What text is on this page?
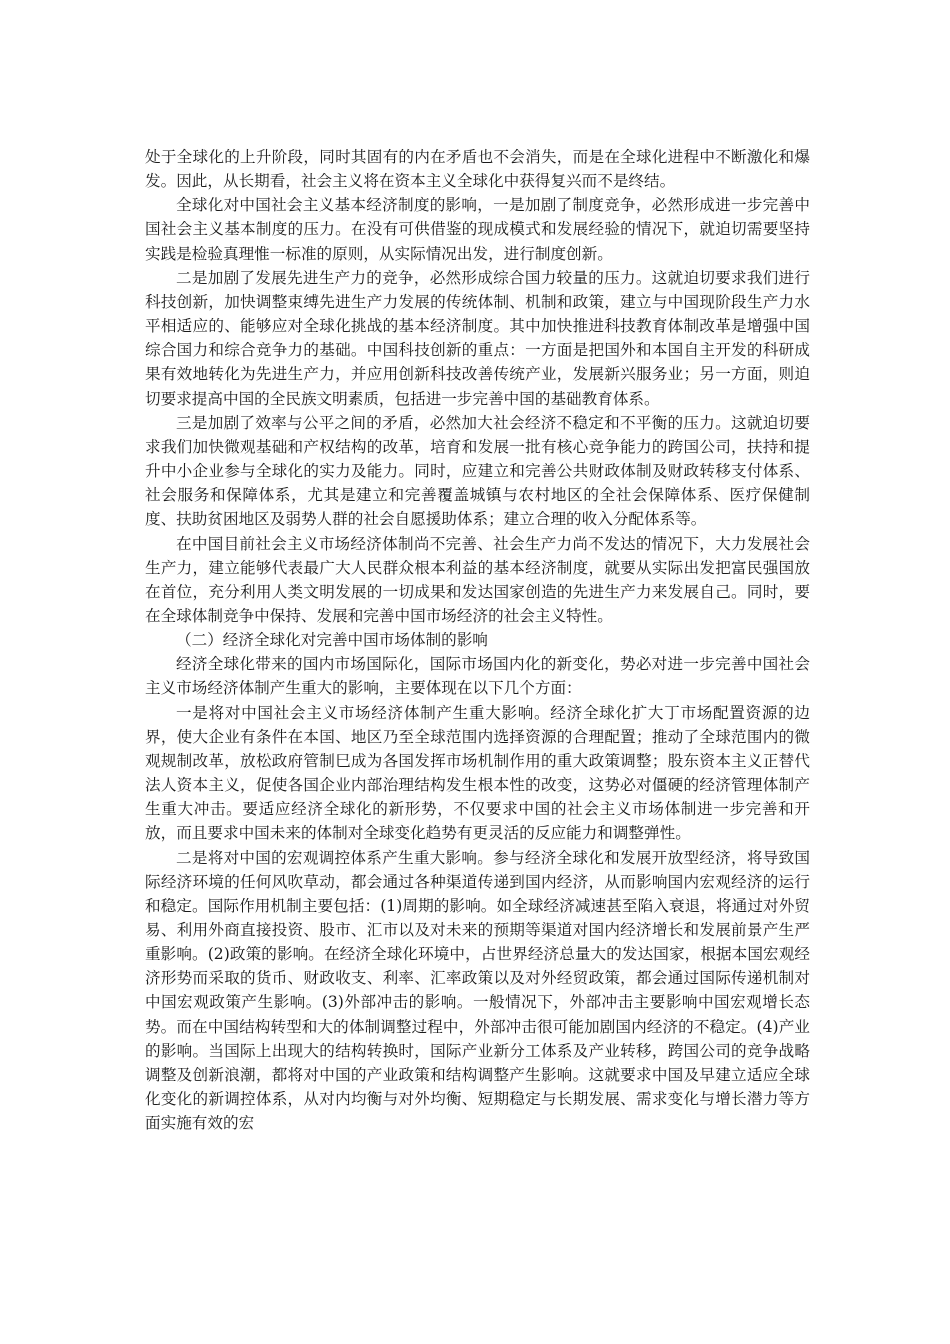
处于全球化的上升阶段，同时其固有的内在矛盾也不会消失，而是在全球化进程中不断激化和爆发。因此，从长期看，社会主义将在资本主义全球化中获得复兴而不是终结。

全球化对中国社会主义基本经济制度的影响，一是加剧了制度竞争，必然形成进一步完善中国社会主义基本制度的压力。在没有可供借鉴的现成模式和发展经验的情况下，就迫切需要坚持实践是检验真理惟一标准的原则，从实际情况出发，进行制度创新。

二是加剧了发展先进生产力的竞争，必然形成综合国力较量的压力。这就迫切要求我们进行科技创新，加快调整束缚先进生产力发展的传统体制、机制和政策，建立与中国现阶段生产力水平相适应的、能够应对全球化挑战的基本经济制度。其中加快推进科技教育体制改革是增强中国综合国力和综合竞争力的基础。中国科技创新的重点：一方面是把国外和本国自主开发的科研成果有效地转化为先进生产力，并应用创新科技改善传统产业，发展新兴服务业；另一方面，则迫切要求提高中国的全民族文明素质，包括进一步完善中国的基础教育体系。

三是加剧了效率与公平之间的矛盾，必然加大社会经济不稳定和不平衡的压力。这就迫切要求我们加快微观基础和产权结构的改革，培育和发展一批有核心竞争能力的跨国公司，扶持和提升中小企业参与全球化的实力及能力。同时，应建立和完善公共财政体制及财政转移支付体系、社会服务和保障体系，尤其是建立和完善覆盖城镇与农村地区的全社会保障体系、医疗保健制度、扶助贫困地区及弱势人群的社会自愿援助体系；建立合理的收入分配体系等。

在中国目前社会主义市场经济体制尚不完善、社会生产力尚不发达的情况下，大力发展社会生产力，建立能够代表最广大人民群众根本利益的基本经济制度，就要从实际出发把富民强国放在首位，充分利用人类文明发展的一切成果和发达国家创造的先进生产力来发展自己。同时，要在全球体制竞争中保持、发展和完善中国市场经济的社会主义特性。

（二）经济全球化对完善中国市场体制的影响

经济全球化带来的国内市场国际化，国际市场国内化的新变化，势必对进一步完善中国社会主义市场经济体制产生重大的影响，主要体现在以下几个方面：

一是将对中国社会主义市场经济体制产生重大影响。经济全球化扩大丁市场配置资源的边界，使大企业有条件在本国、地区乃至全球范围内选择资源的合理配置；推动了全球范围内的微观规制改革，放松政府管制巳成为各国发挥市场机制作用的重大政策调整；股东资本主义正替代法人资本主义，促使各国企业内部治理结构发生根本性的改变，这势必对僵硬的经济管理体制产生重大冲击。要适应经济全球化的新形势，不仅要求中国的社会主义市场体制进一步完善和开放，而且要求中国未来的体制对全球变化趋势有更灵活的反应能力和调整弹性。

二是将对中国的宏观调控体系产生重大影响。参与经济全球化和发展开放型经济，将导致国际经济环境的任何风吹草动，都会通过各种渠道传递到国内经济，从而影响国内宏观经济的运行和稳定。国际作用机制主要包括：(1)周期的影响。如全球经济减速甚至陷入衰退，将通过对外贸易、利用外商直接投资、股市、汇市以及对未来的预期等渠道对国内经济增长和发展前景产生严重影响。(2)政策的影响。在经济全球化环境中，占世界经济总量大的发达国家，根据本国宏观经济形势而采取的货币、财政收支、利率、汇率政策以及对外经贸政策，都会通过国际传递机制对中国宏观政策产生影响。(3)外部冲击的影响。一般情况下，外部冲击主要影响中国宏观增长态势。而在中国结构转型和大的体制调整过程中，外部冲击很可能加剧国内经济的不稳定。(4)产业的影响。当国际上出现大的结构转换时，国际产业新分工体系及产业转移，跨国公司的竞争战略调整及创新浪潮，都将对中国的产业政策和结构调整产生影响。这就要求中国及早建立适应全球化变化的新调控体系，从对内均衡与对外均衡、短期稳定与长期发展、需求变化与增长潜力等方面实施有效的宏
